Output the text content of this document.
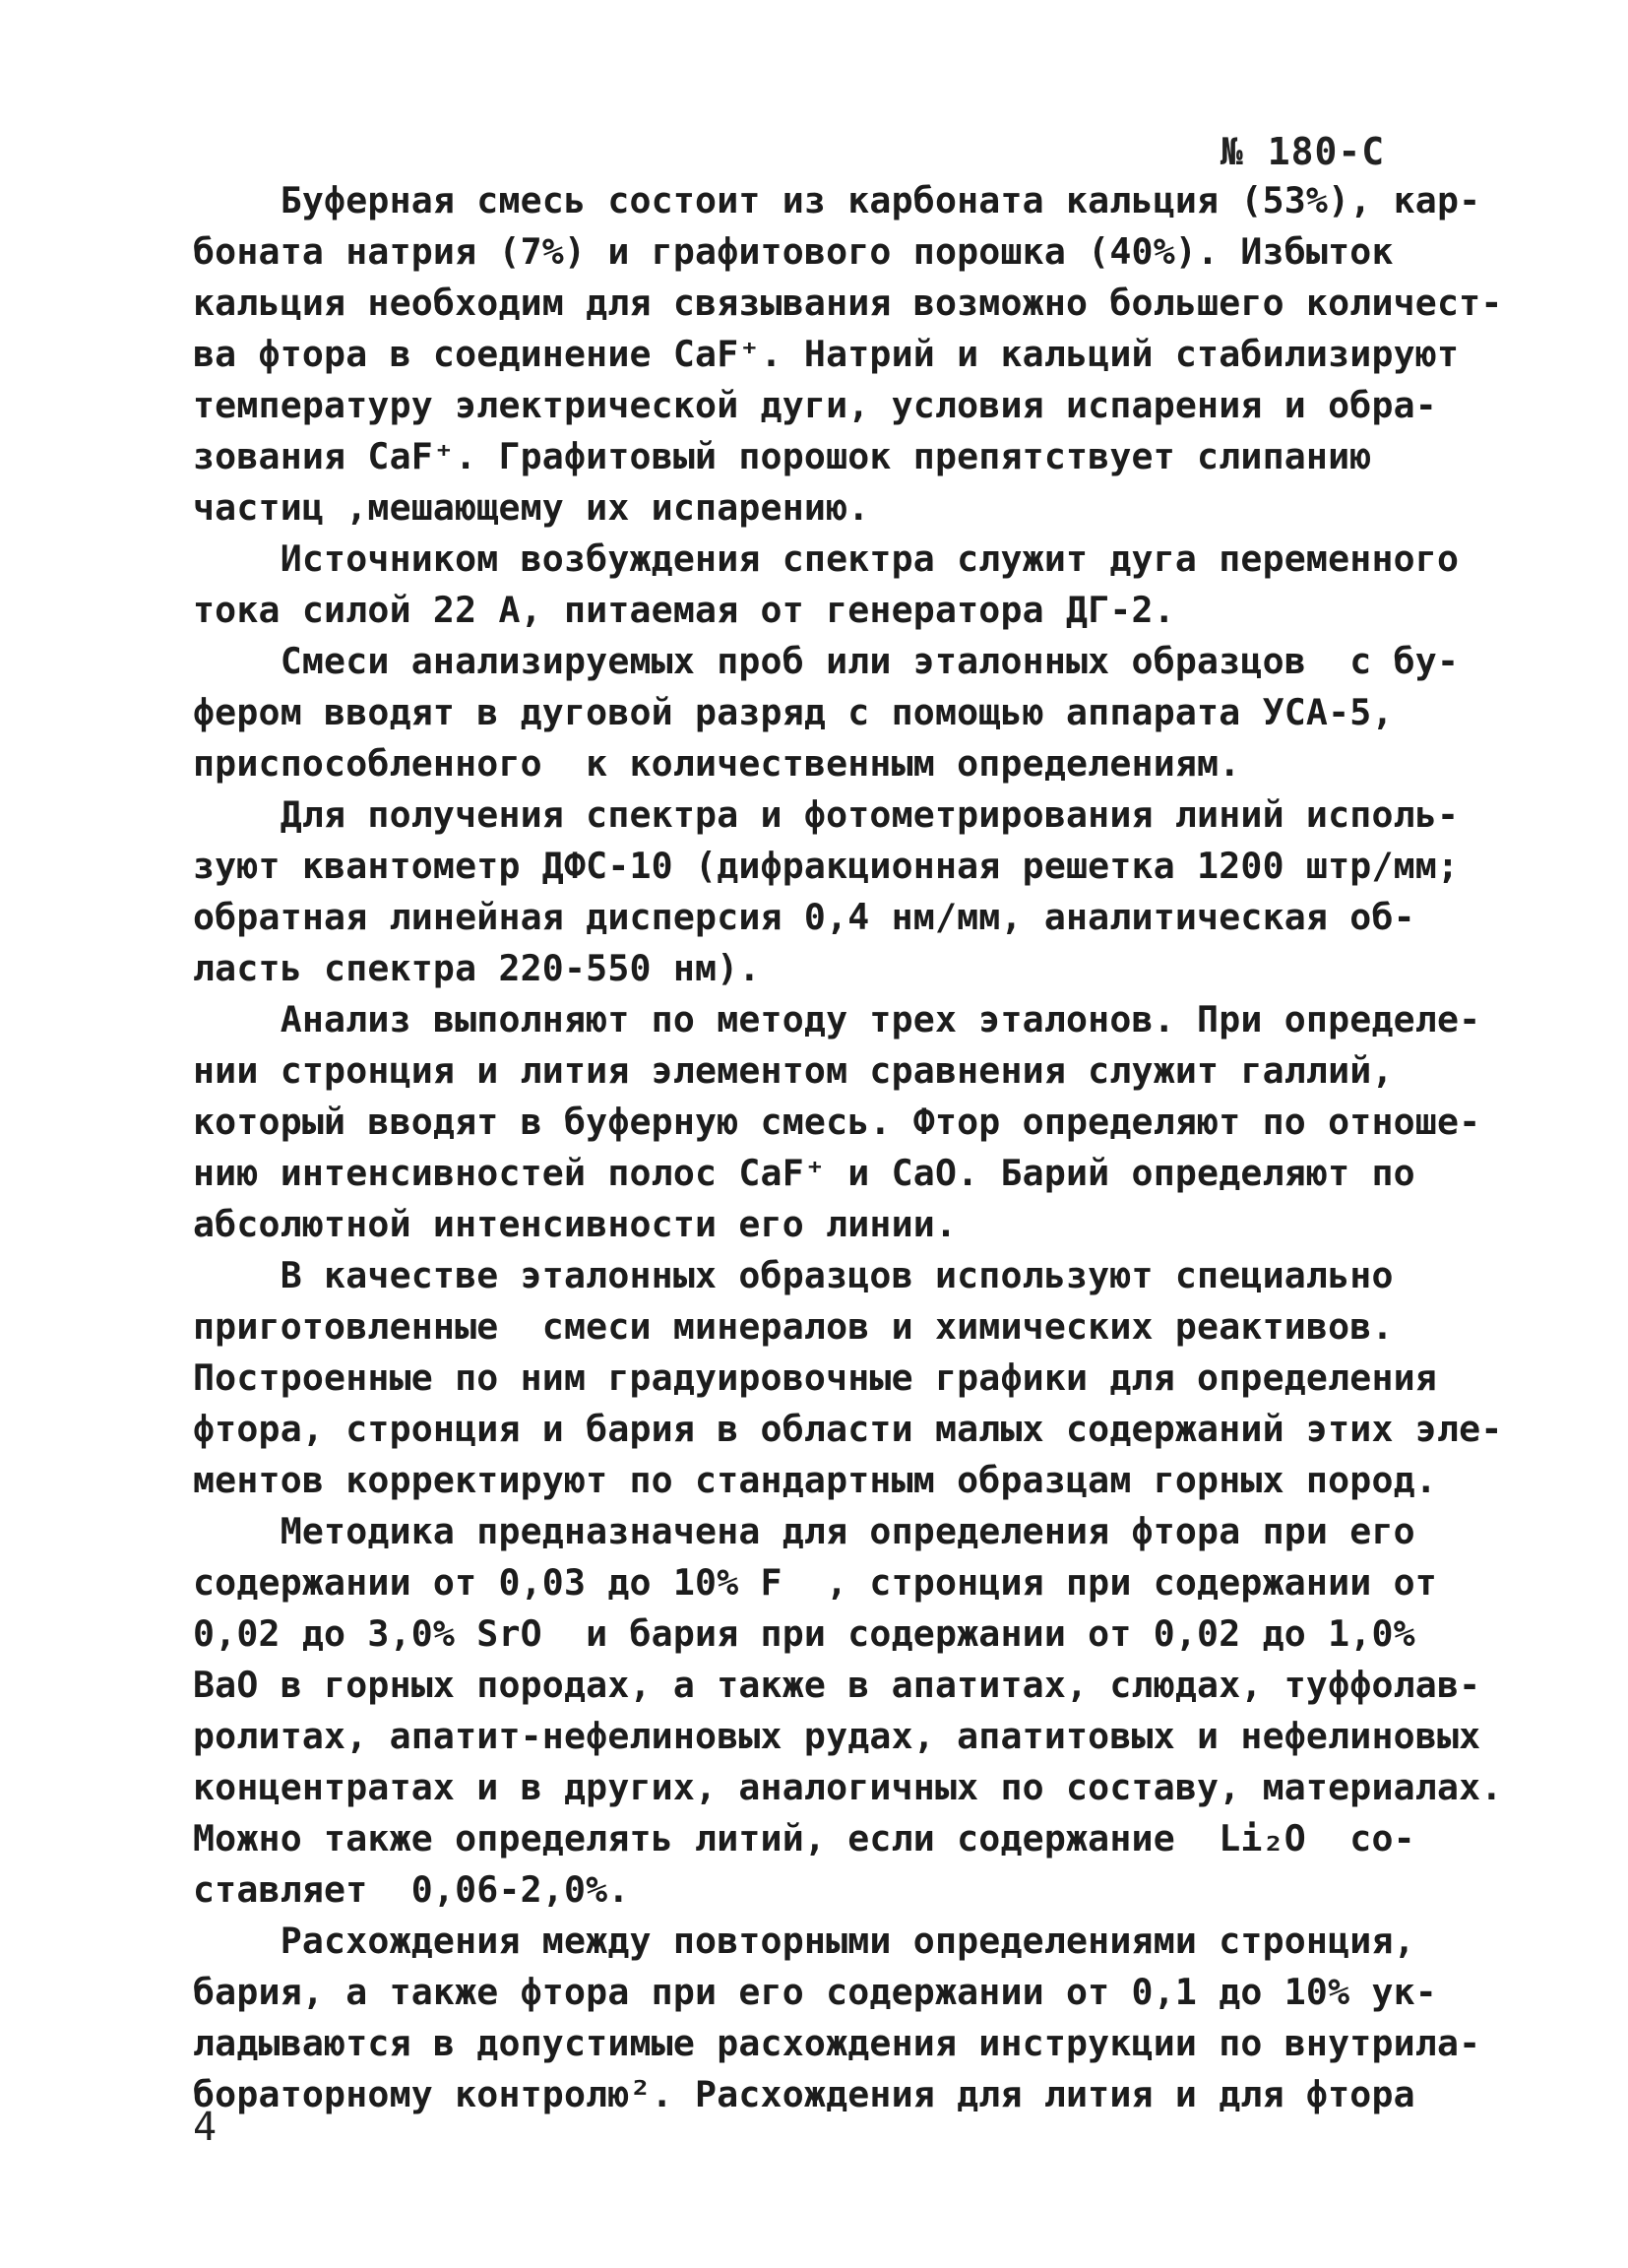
№ 180-С
Буферная смесь состоит из карбоната кальция (53%), кар-
боната натрия (7%) и графитового порошка (40%). Избыток
кальция необходим для связывания возможно большего количест-
ва фтора в соединение CaF⁺. Натрий и кальций стабилизируют
температуру электрической дуги, условия испарения и обра-
зования CaF⁺. Графитовый порошок препятствует слипанию
частиц ,мешающему их испарению.
Источником возбуждения спектра служит дуга переменного
тока силой 22 А, питаемая от генератора ДГ-2.
Смеси анализируемых проб или эталонных образцов  с бу-
фером вводят в дуговой разряд с помощью аппарата УСА-5,
приспособленного  к количественным определениям.
Для получения спектра и фотометрирования линий исполь-
зуют квантометр ДФС-10 (дифракционная решетка 1200 штр/мм;
обратная линейная дисперсия 0,4 нм/мм, аналитическая об-
ласть спектра 220-550 нм).
Анализ выполняют по методу трех эталонов. При определе-
нии стронция и лития элементом сравнения служит галлий,
который вводят в буферную смесь. Фтор определяют по отноше-
нию интенсивностей полос CaF⁺ и CaO. Барий определяют по
абсолютной интенсивности его линии.
В качестве эталонных образцов используют специально
приготовленные  смеси минералов и химических реактивов.
Построенные по ним градуировочные графики для определения
фтора, стронция и бария в области малых содержаний этих эле-
ментов корректируют по стандартным образцам горных пород.
Методика предназначена для определения фтора при его
содержании от 0,03 до 10% F  , стронция при содержании от
0,02 до 3,0% SrO  и бария при содержании от 0,02 до 1,0%
BaO в горных породах, а также в апатитах, слюдах, туффолав-
ролитах, апатит-нефелиновых рудах, апатитовых и нефелиновых
концентратах и в других, аналогичных по составу, материалах.
Можно также определять литий, если содержание  Li₂O  со-
ставляет  0,06-2,0%.
Расхождения между повторными определениями стронция,
бария, а также фтора при его содержании от 0,1 до 10% ук-
ладываются в допустимые расхождения инструкции по внутрила-
бораторному контролю². Расхождения для лития и для фтора
4
